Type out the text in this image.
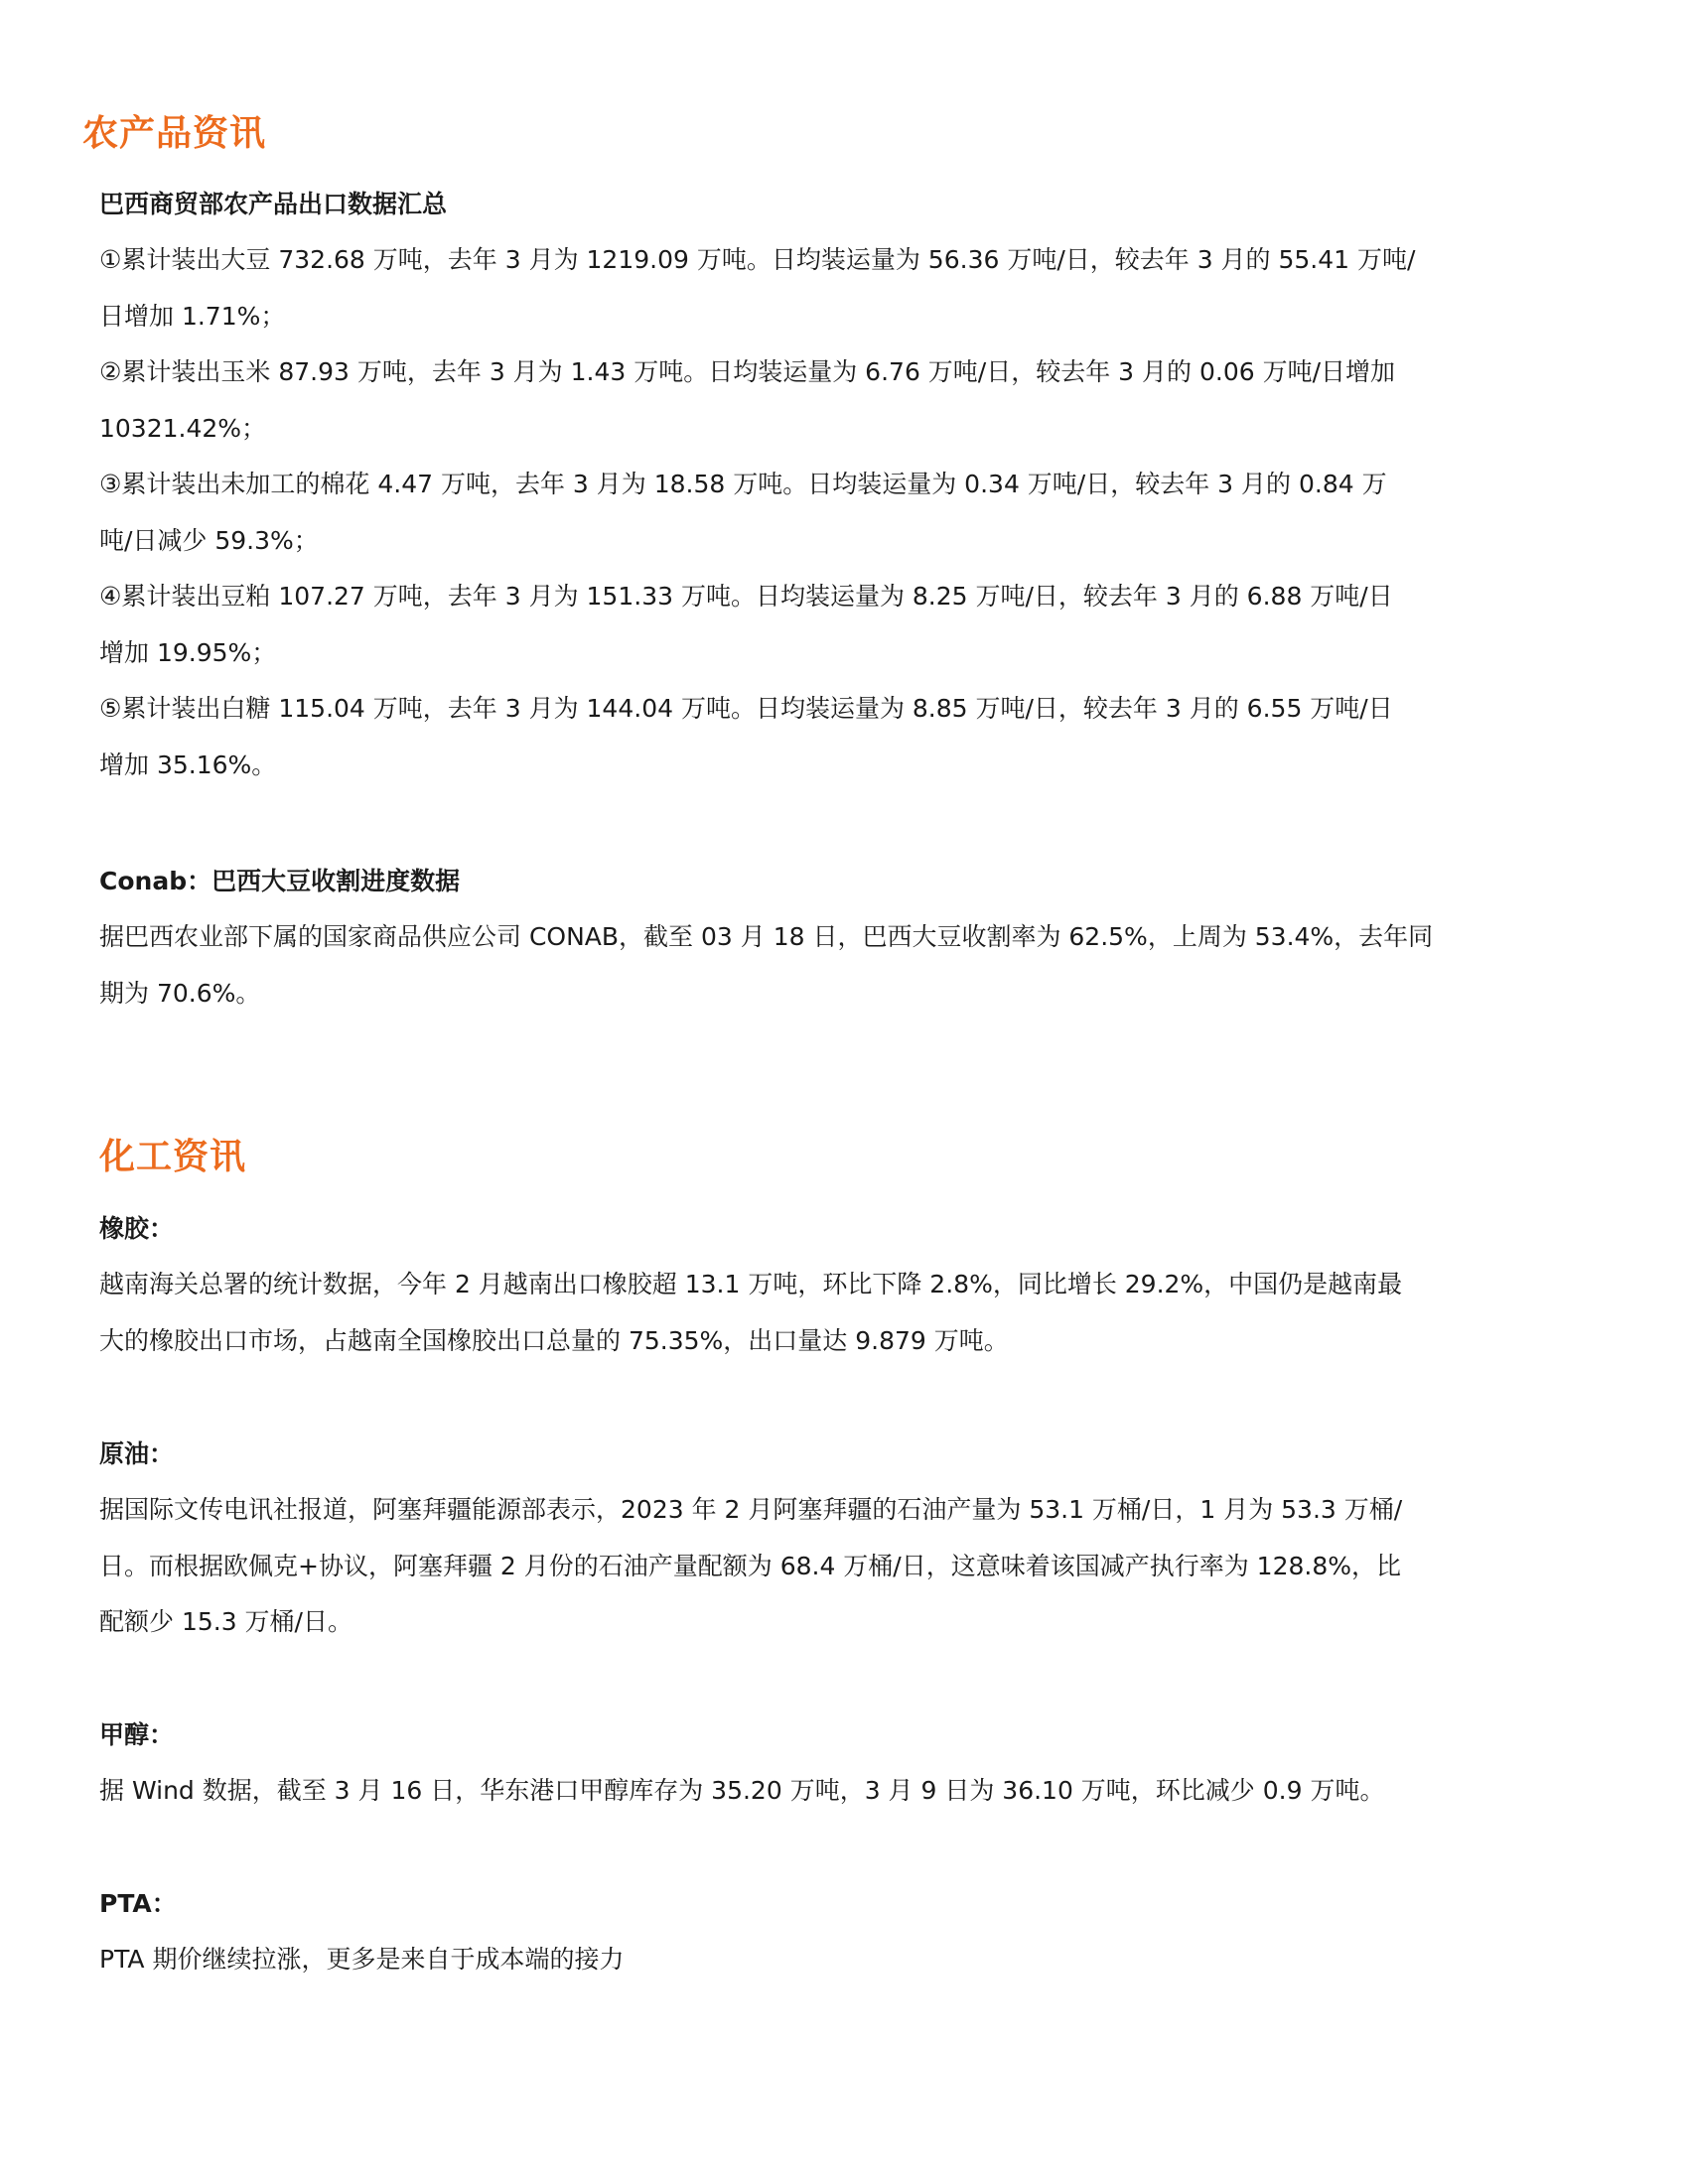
农产品资讯
巴西商贸部农产品出口数据汇总
①累计装出大豆 732.68 万吨，去年 3 月为 1219.09 万吨。日均装运量为 56.36 万吨/日，较去年 3 月的 55.41 万吨/
日增加 1.71%；
②累计装出玉米 87.93 万吨，去年 3 月为 1.43 万吨。日均装运量为 6.76 万吨/日，较去年 3 月的 0.06 万吨/日增加
10321.42%；
③累计装出未加工的棉花 4.47 万吨，去年 3 月为 18.58 万吨。日均装运量为 0.34 万吨/日，较去年 3 月的 0.84 万
吨/日减少 59.3%；
④累计装出豆粕 107.27 万吨，去年 3 月为 151.33 万吨。日均装运量为 8.25 万吨/日，较去年 3 月的 6.88 万吨/日
增加 19.95%；
⑤累计装出白糖 115.04 万吨，去年 3 月为 144.04 万吨。日均装运量为 8.85 万吨/日，较去年 3 月的 6.55 万吨/日
增加 35.16%。
Conab：巴西大豆收割进度数据
据巴西农业部下属的国家商品供应公司 CONAB，截至 03 月 18 日，巴西大豆收割率为 62.5%，上周为 53.4%，去年同
期为 70.6%。
化工资讯
橡胶：
越南海关总署的统计数据，今年 2 月越南出口橡胶超 13.1 万吨，环比下降 2.8%，同比增长 29.2%，中国仍是越南最
大的橡胶出口市场，占越南全国橡胶出口总量的 75.35%，出口量达 9.879 万吨。
原油：
据国际文传电讯社报道，阿塞拜疆能源部表示，2023 年 2 月阿塞拜疆的石油产量为 53.1 万桶/日，1 月为 53.3 万桶/
日。而根据欧佩克+协议，阿塞拜疆 2 月份的石油产量配额为 68.4 万桶/日，这意味着该国减产执行率为 128.8%，比
配额少 15.3 万桶/日。
甲醇：
据 Wind 数据，截至 3 月 16 日，华东港口甲醇库存为 35.20 万吨，3 月 9 日为 36.10 万吨，环比减少 0.9 万吨。
PTA：
PTA 期价继续拉涨，更多是来自于成本端的接力
